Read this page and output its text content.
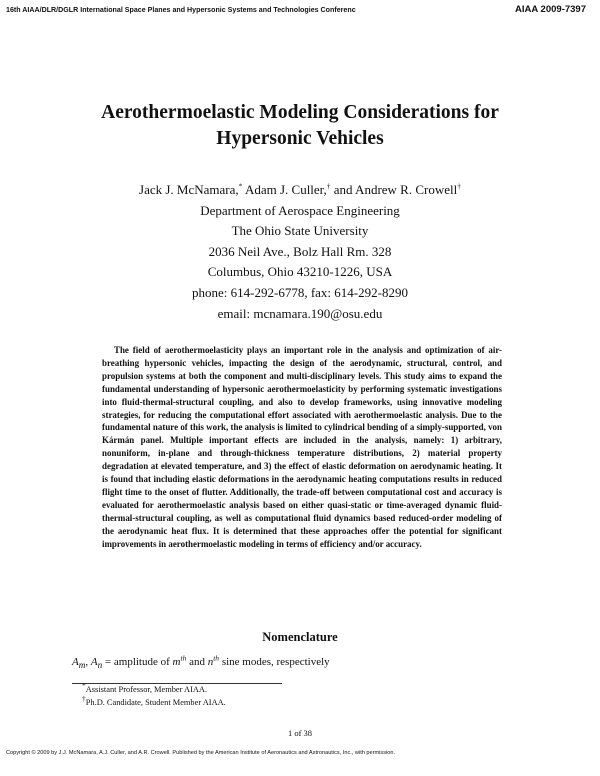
16th AIAA/DLR/DGLR International Space Planes and Hypersonic Systems and Technologies Conferenc	AIAA 2009-7397
Aerothermoelastic Modeling Considerations for
Hypersonic Vehicles
Jack J. McNamara,* Adam J. Culler,† and Andrew R. Crowell†
Department of Aerospace Engineering
The Ohio State University
2036 Neil Ave., Bolz Hall Rm. 328
Columbus, Ohio 43210-1226, USA
phone: 614-292-6778, fax: 614-292-8290
email: mcnamara.190@osu.edu

The field of aerothermoelasticity plays an important role in the analysis and optimization of air-breathing hypersonic vehicles, impacting the design of the aerodynamic, structural, control, and propulsion systems at both the component and multi-disciplinary levels. This study aims to expand the fundamental understanding of hypersonic aerothermoelasticity by performing systematic investigations into fluid-thermal-structural coupling, and also to develop frameworks, using innovative modeling strategies, for reducing the computational effort associated with aerothermoelastic analysis. Due to the fundamental nature of this work, the analysis is limited to cylindrical bending of a simply-supported, von Kármán panel. Multiple important effects are included in the analysis, namely: 1) arbitrary, nonuniform, in-plane and through-thickness temperature distributions, 2) material property degradation at elevated temperature, and 3) the effect of elastic deformation on aerodynamic heating. It is found that including elastic deformations in the aerodynamic heating computations results in reduced flight time to the onset of flutter. Additionally, the trade-off between computational cost and accuracy is evaluated for aerothermoelastic analysis based on either quasi-static or time-averaged dynamic fluid-thermal-structural coupling, as well as computational fluid dynamics based reduced-order modeling of the aerodynamic heat flux. It is determined that these approaches offer the potential for significant improvements in aerothermoelastic modeling in terms of efficiency and/or accuracy.

Nomenclature
$A_m$, $A_n$ = amplitude of $m^{th}$ and $n^{th}$ sine modes, respectively
*Assistant Professor, Member AIAA.
†Ph.D. Candidate, Student Member AIAA.
1 of 38
Copyright © 2009 by J.J. McNamara, A.J. Culler, and A.R. Crowell. Published by the American Institute of Aeronautics and Astronautics, Inc., with permission.
